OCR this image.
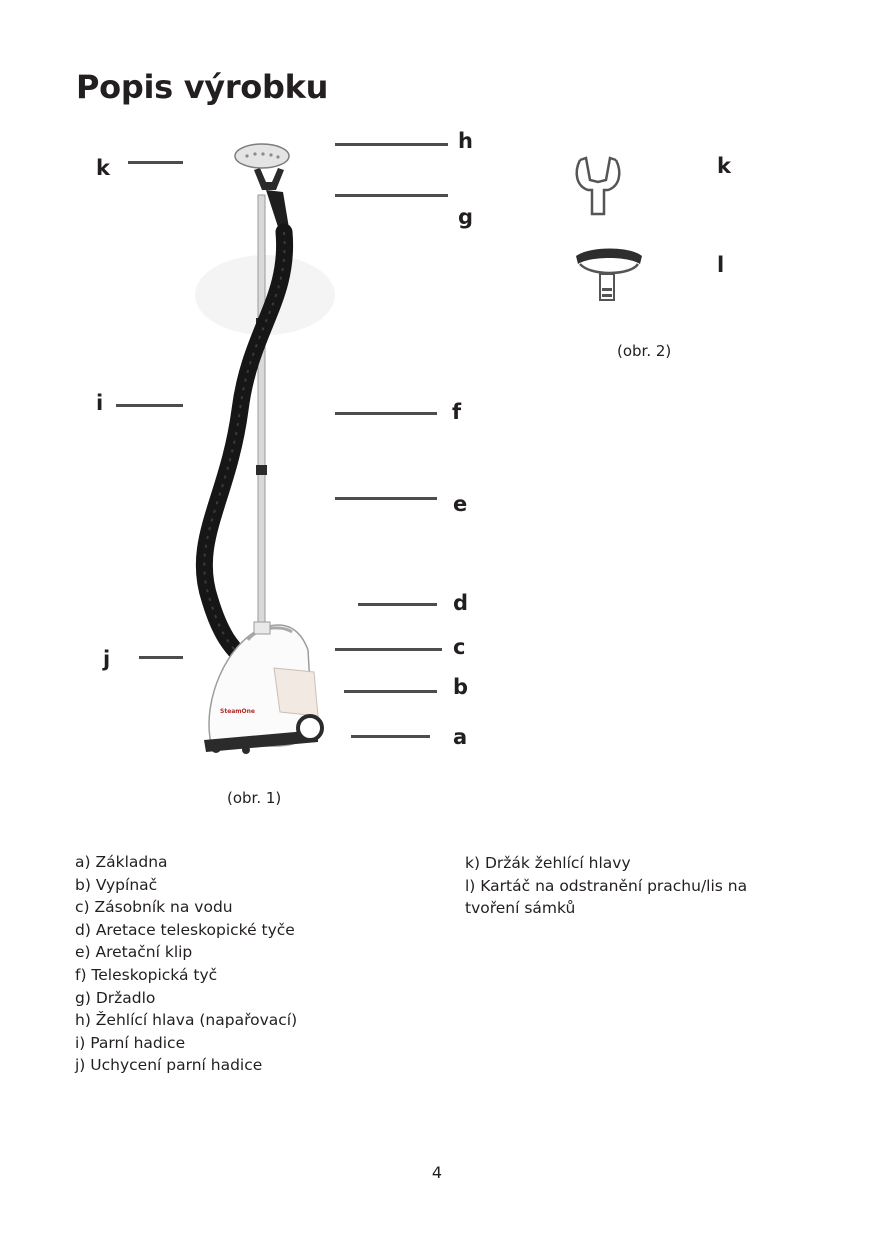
Popis výrobku
SteamOne
h
g
k
i	f
e
d
c
j
b
a
(obr. 1)
k
l
(obr. 2)
a) Základna
b) Vypínač
c) Zásobník na vodu
d) Aretace teleskopické tyče
e) Aretační klip
f) Teleskopická tyč
g) Držadlo
h) Žehlící hlava (napařovací)
i) Parní hadice
j) Uchycení parní hadice
k) Držák žehlící hlavy
l) Kartáč na odstranění prachu/lis na
tvoření sámků
4
